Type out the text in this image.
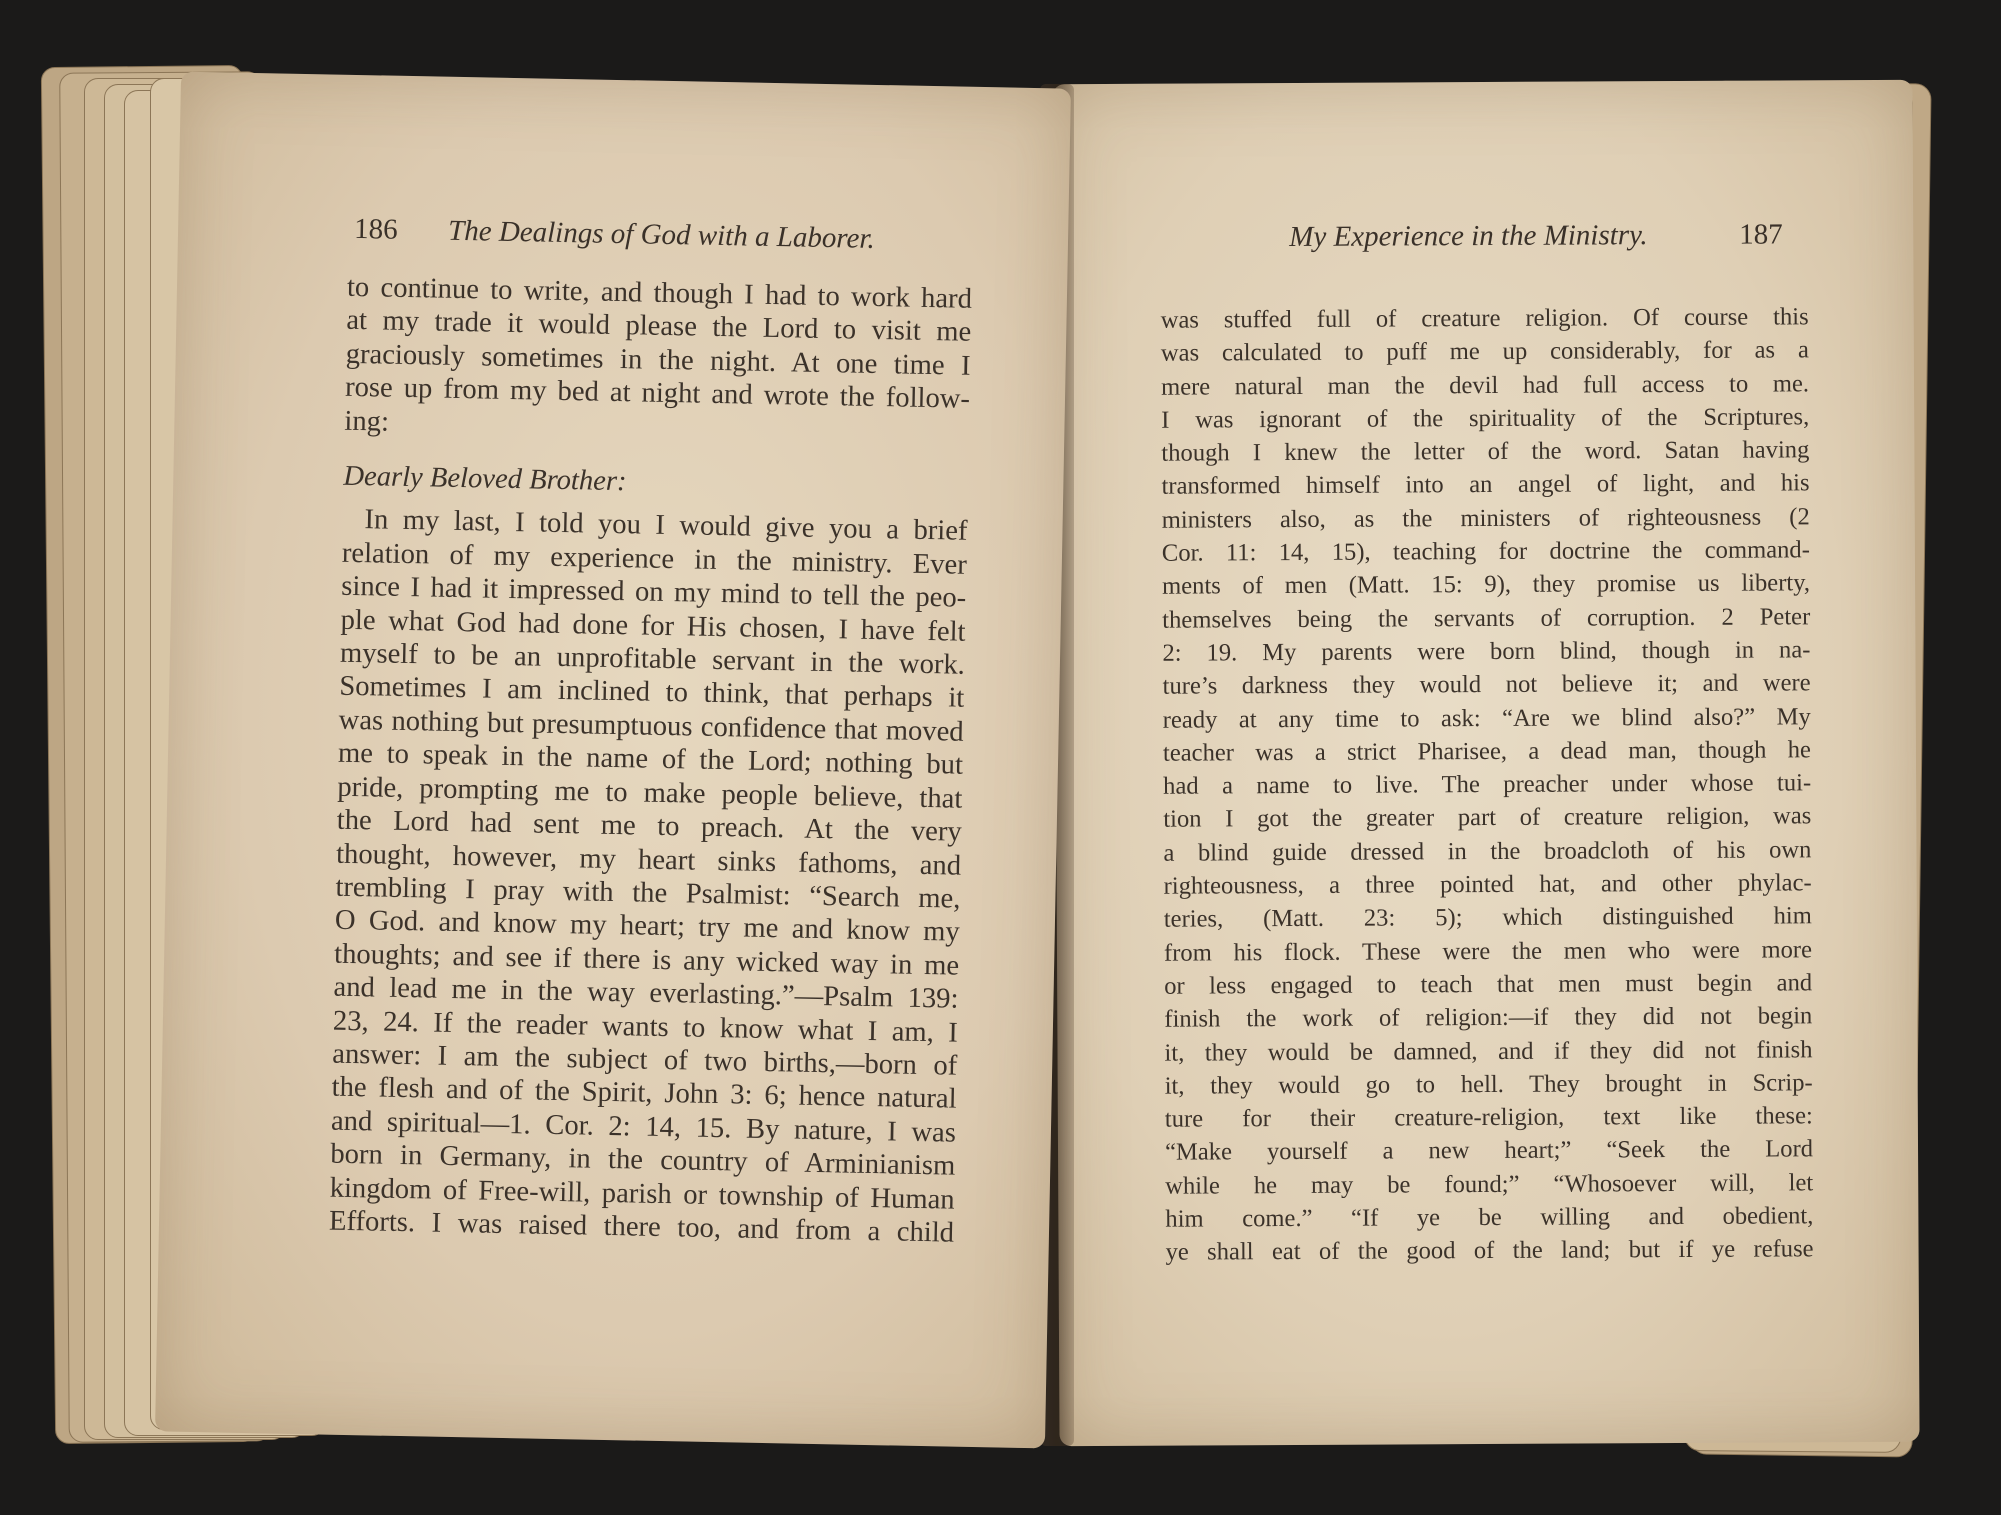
187
My Experience in the Ministry.
was stuffed full of creature religion. Of course this
was calculated to puff me up considerably, for as a
mere natural man the devil had full access to me.
I was ignorant of the spirituality of the Scriptures,
though I knew the letter of the word. Satan having
transformed himself into an angel of light, and his
ministers also, as the ministers of righteousness (2
Cor. 11: 14, 15), teaching for doctrine the command-
ments of men (Matt. 15: 9), they promise us liberty,
themselves being the servants of corruption. 2 Peter
2: 19. My parents were born blind, though in na-
ture’s darkness they would not believe it; and were
ready at any time to ask: “Are we blind also?” My
teacher was a strict Pharisee, a dead man, though he
had a name to live. The preacher under whose tui-
tion I got the greater part of creature religion, was
a blind guide dressed in the broadcloth of his own
righteousness, a three pointed hat, and other phylac-
teries, (Matt. 23: 5); which distinguished him
from his flock. These were the men who were more
or less engaged to teach that men must begin and
finish the work of religion:—if they did not begin
it, they would be damned, and if they did not finish
it, they would go to hell. They brought in Scrip-
ture for their creature-religion, text like these:
“Make yourself a new heart;” “Seek the Lord
while he may be found;” “Whosoever will, let
him come.” “If ye be willing and obedient,
ye shall eat of the good of the land; but if ye refuse
186 The Dealings of God with a Laborer.
to continue to write, and though I had to work hard
at my trade it would please the Lord to visit me
graciously sometimes in the night. At one time I
rose up from my bed at night and wrote the follow-
ing:
Dearly Beloved Brother:
In my last, I told you I would give you a brief
relation of my experience in the ministry. Ever
since I had it impressed on my mind to tell the peo-
ple what God had done for His chosen, I have felt
myself to be an unprofitable servant in the work.
Sometimes I am inclined to think, that perhaps it
was nothing but presumptuous confidence that moved
me to speak in the name of the Lord; nothing but
pride, prompting me to make people believe, that
the Lord had sent me to preach. At the very
thought, however, my heart sinks fathoms, and
trembling I pray with the Psalmist: “Search me,
O God. and know my heart; try me and know my
thoughts; and see if there is any wicked way in me
and lead me in the way everlasting.”—Psalm 139:
23, 24. If the reader wants to know what I am, I
answer: I am the subject of two births,—born of
the flesh and of the Spirit, John 3: 6; hence natural
and spiritual—1. Cor. 2: 14, 15. By nature, I was
born in Germany, in the country of Arminianism
kingdom of Free-will, parish or township of Human
Efforts. I was raised there too, and from a child
